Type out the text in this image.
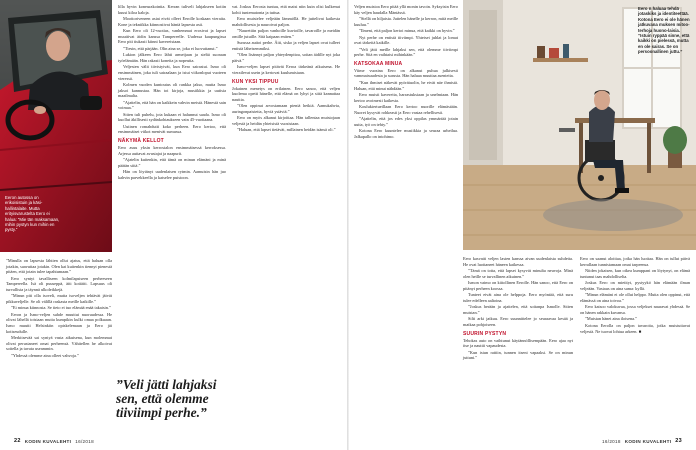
Eeron autossa on erikoisistuin ja käsi-hallintalaite. Mutta erityisvarustelta Eero ei halua: “Mie tän maksamaan, mihin pystyn kun mihin en pysty.”

”Minulla on lapsesta lähtien ollut ajatus, että haluan olla jotakin, saavuttaa jotakin. Olen kai kuitenkin tiennyt pienestä pitäen, että jotain tulee tapahtumaan.”

Eero syntyi tavalliseen kolmilapsiseen perheeseen Tampereella. Isä oli puuseppä, äiti kotiäiti. Lapsuus oli turvallista ja täynnä ulkoleikkejä.

”Minun piti olla isoveli, mutta isoveljen tehtävät jäivät pikkuveljelle. Se oli välillä raskasta meille kaikille.”

”Ei minua kiinnosta. Se tieto ei tuo elämää enää takaisin.”

Eeron ja Ismo-veljen suhde muuttui nuoruudessa. He olivat lähellä toisiaan mutta kumpikin kulki omaa polkuaan. Ismo muutti Helsinkiin opiskelemaan ja Eero jäi kotiseudulle.

Merkitsevää sai syntyä vasta aikuisena, kun molemmat olivat perustaneet omat perheensä. Vähitellen he alkoivat soitella ja tavata useammin.

”Yhdessä olemme aina olleet vahvoja.”

lilla hyvin koneurakointia. Kerran tuliveli lahjakseen kotiin kuusi kiloa kaloja.

Moottoriveneen asiat eivät olleet Eerolle koskaan vieraita. Kone ja tekniikka kiinnostivat häntä lapsesta asti.

Kun Eero oli 12-vuotias, vanhemmat erosivat ja lapset muuttivat äidin kanssa Tampereelle. Uudessa kaupungissa Eero piti tiukasti kiinni kavereistaan.

”Tiesin, että pärjään. Olin aina se, joka ei luovuttanut.”

Lukion jälkeen Eero lähti armeijaan ja sieltä suoraan työelämään. Hän rakasti koneita ja nopeutta.

Veljesten välit tiivistyivät, kun Eero sairastui. Ismo oli ensimmäinen, joka tuli sairaalaan ja istui viikonloput vuoteen vieressä.

Kolmen vuoden kuntoutus oli rankka jakso, mutta Ismo jaksoi kannustaa. Hän toi kirjoja, musiikkia ja uutisia maailmalta.

”Ajattelin, että hän on kaikkein vahvin meistä. Hänestä sain voimaa.”

Sitten tuli puhelu, jota kukaan ei halunnut saada. Ismo oli kuollut äkillisesti sydänkohtaukseen vain 45-vuotiaana.

Uutinen romahdutti koko perheen. Eero kertoo, että ensimmäiset viikot menivät sumussa.

NÄKYMÄ KELLOT

Eero asuu yksin kerrostalon ensimmäisessä kerroksessa. Arjessa auttavat avustajat ja naapurit.

”Ajatelin kuitenkin, että tämä on minun elämäni ja minä päätän siitä.”

Hän on löytänyt uudenlaisen rytmin. Aamuisin hän juo kahvin parvekkeella ja katselee puistoon.

”Veli jätti lahjaksi sen, että olemme tiiviimpi perhe.”

vat. Joskus Eerosta tuntuu, että maisi niin kuin olisi kulkenut kohti tuntematonta ja tuttua.

Eero muistelee veljeään lämmöllä. He juttelivat kaikesta mahdollisesta ja nauroivat paljon.

”Naurettiin paljon vanhoille kuvioille, tavaroille ja meidän omille jutuille. Sitä kaipaan eniten.”

Surussa auttoi perhe. Äiti, sisko ja veljen lapset ovat tulleet entistä läheisemmiksi.

”Olen lisännyt paljon yhteydenpitoa, soitan äidille nyt joka päivä.”

Ismo-veljen lapset pitävät Eeroa tärkeänä aikuisena. He vierailevat usein ja kertovat kuulumisiaan.

KUN YKSI TIPPUU

Jokainen menetys on erilainen. Eero sanoo, että veljen kuolema opetti hänelle, että elämä on lyhyt ja siitä kannattaa nauttia.

”Olen oppinut arvostamaan pieniä hetkiä. Aamukahvia, auringonpaistetta, hyviä ystäviä.”

Eero on myös alkanut kirjoittaa. Hän tallentaa muistojaan veljestä ja heidän yhteisistä vuosistaan.

”Haluan, että lapset tietävät, millainen heidän isänsä oli.”

Veljen muistoa Eero pitää yllä monin tavoin. Syksyisin Eero käy veljen haudalla Mäntässä.

”Siellä on hiljaista. Juttelen hänelle ja kerron, mitä meille kuuluu.”

”Ilmeni, että paljon kertoi minua, että kaikki on hyvin.”

Nyt perhe on entistä tiiviimpi. Yhteiset juhlat ja lomat ovat tärkeitä kaikille.

”Veli jätti meille lahjaksi sen, että olemme tiiviimpi perhe. Sitä en vaihtaisi mihinkään.”

KATSOKAA MINUA

Viime vuosina Eero on alkanut puhua julkisesti vammaisuudesta ja surusta. Hän haluaa muuttaa asenteita.

”Kun ihmiset näkevät pyörätuolin, he eivät näe ihmistä. Haluan, että minut nähdään.”

Eero muisti kavereita, harrastuksiaan ja unelmiaan. Hän kertoo avoimesti kaikesta.

Koulukiertueillaan Eero kertoo nuorille elämästään. Nuoret kysyvät rohkeasti ja Eero vastaa rehellisesti.

”Ajattelin, että jos edes yksi oppilas ymmärtää jotain uutta, työ on tehty.”

Kotona Eero kuuntelee musiikkia ja seuraa urheilua. Jalkapallo on intohimo.

Eero n haluaa tehdä jotaskiks ja identiteettää. Kotona Eero ei ole hänen jatkuvana muksen mitoo-terhoja huono-laisia. “Istuin ryppää sinne, että kaikki on pielessä, mutta en ole sairas. Se on persoonallinen juttu.”

Eero kasvatti veljen lasten kanssa aivan uudenlaista suhdetta. He ovat luottaneet häneen kaikessa.

”Tämä on totta, että lapset kysyvät minulta neuvoja. Minä olen heille se turvallinen aikuinen.”

Ismon vaimo on kiitollinen Eerolle. Hän sanoo, että Eero on pitänyt perheen koossa.

Tunteet eivät aina ole helppoja. Eero myöntää, että suru tulee edelleen aaltoina.

”Joskus herään ja ajattelen, että soitanpa Ismolle. Sitten muistan.”

Silti arki jatkuu. Eero suunnittelee jo seuraavaa kesää ja matkaa pohjoiseen.

SUURIN PYSTYN

Tehokas auto on vaihtunut käytännöllisempään. Eero ajaa nyt itse ja nauttii vapaudesta.

”Kun istun rattiin, tunnen itseni vapaaksi. Se on minun juttuni.”

Eero on saanut aloittaa, jotka hän luottaa. Hän on tullut päivä kerrallaan tunnistamaan omat tarpeensa.

Niiden jokaisen, kun oikea kumppani on löytynyt, on elämä tuntunut taas mahdolliselta.

Joskus Eero on mietityt, pystyykö hän elämään ilman veljeään. Vastaus on aina sama: kyllä.

”Minun elämäni ei ole ollut helppo. Mutta olen oppinut, että elämässä on aina toivoa.”

Eero katsoo valokuvaa, jossa veljekset nauravat yhdessä. Se on hänen rakkain kuvansa.

”Muistan hänet aina iloisena.”

Kotona Eerolla on paljon tavaroita, jotka muistuttavat veljestä. Ne tuovat lohtua arkeen. ■

22 KODIN KUVALEHTI 16/2018	16/2018 KODIN KUVALEHTI 23
